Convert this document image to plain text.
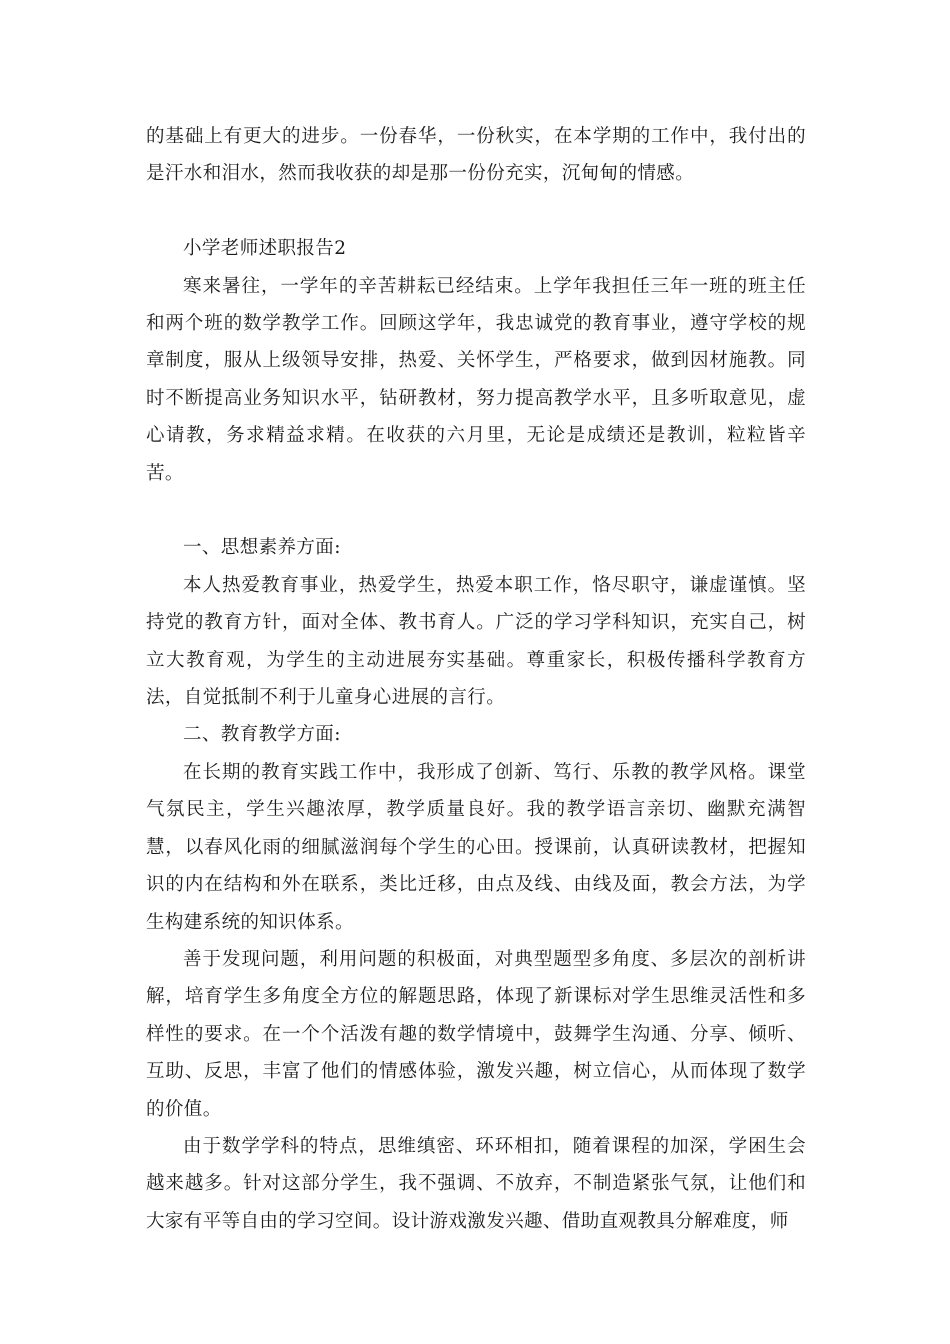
的基础上有更大的进步。一份春华，一份秋实，在本学期的工作中，我付出的是汗水和泪水，然而我收获的却是那一份份充实，沉甸甸的情感。

小学老师述职报告2

寒来暑往，一学年的辛苦耕耘已经结束。上学年我担任三年一班的班主任和两个班的数学教学工作。回顾这学年，我忠诚党的教育事业，遵守学校的规章制度，服从上级领导安排，热爱、关怀学生，严格要求，做到因材施教。同时不断提高业务知识水平，钻研教材，努力提高教学水平，且多听取意见，虚心请教，务求精益求精。在收获的六月里，无论是成绩还是教训，粒粒皆辛苦。

一、思想素养方面:

本人热爱教育事业，热爱学生，热爱本职工作，恪尽职守，谦虚谨慎。坚持党的教育方针，面对全体、教书育人。广泛的学习学科知识，充实自己，树立大教育观，为学生的主动进展夯实基础。尊重家长，积极传播科学教育方法，自觉抵制不利于儿童身心进展的言行。

二、教育教学方面:

在长期的教育实践工作中，我形成了创新、笃行、乐教的教学风格。课堂气氛民主，学生兴趣浓厚，教学质量良好。我的教学语言亲切、幽默充满智慧，以春风化雨的细腻滋润每个学生的心田。授课前，认真研读教材，把握知识的内在结构和外在联系，类比迁移，由点及线、由线及面，教会方法，为学生构建系统的知识体系。

善于发现问题，利用问题的积极面，对典型题型多角度、多层次的剖析讲解，培育学生多角度全方位的解题思路，体现了新课标对学生思维灵活性和多样性的要求。在一个个活泼有趣的数学情境中，鼓舞学生沟通、分享、倾听、互助、反思，丰富了他们的情感体验，激发兴趣，树立信心，从而体现了数学的价值。

由于数学学科的特点，思维缜密、环环相扣，随着课程的加深，学困生会越来越多。针对这部分学生，我不强调、不放弃，不制造紧张气氛，让他们和大家有平等自由的学习空间。设计游戏激发兴趣、借助直观教具分解难度，师
